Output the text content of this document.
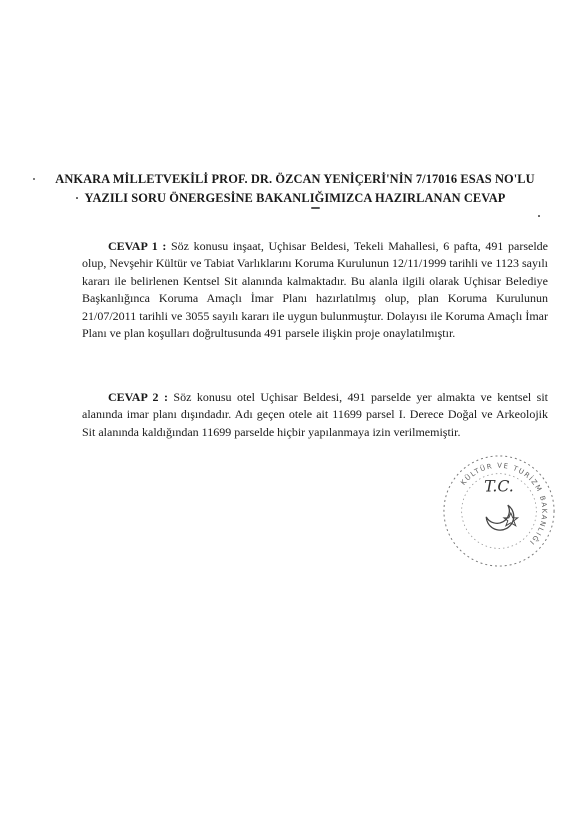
ANKARA MİLLETVEKİLİ PROF. DR. ÖZCAN YENİÇERİ'NİN 7/17016 ESAS NO'LU
YAZILI SORU ÖNERGESİNE BAKANLIĞIMIZCA HAZIRLANAN CEVAP
CEVAP 1 : Söz konusu inşaat, Uçhisar Beldesi, Tekeli Mahallesi, 6 pafta, 491 parselde olup, Nevşehir Kültür ve Tabiat Varlıklarını Koruma Kurulunun 12/11/1999 tarihli ve 1123 sayılı kararı ile belirlenen Kentsel Sit alanında kalmaktadır. Bu alanla ilgili olarak Uçhisar Belediye Başkanlığınca Koruma Amaçlı İmar Planı hazırlatılmış olup, plan Koruma Kurulunun 21/07/2011 tarihli ve 3055 sayılı kararı ile uygun bulunmuştur. Dolayısı ile Koruma Amaçlı İmar Planı ve plan koşulları doğrultusunda 491 parsele ilişkin proje onaylatılmıştır.
CEVAP 2 : Söz konusu otel Uçhisar Beldesi, 491 parselde yer almakta ve kentsel sit alanında imar planı dışındadır. Adı geçen otele ait 11699 parsel I. Derece Doğal ve Arkeolojik Sit alanında kaldığından 11699 parselde hiçbir yapılanmaya izin verilmemiştir.
KÜLTÜR VE TURİZM BAKANLIĞI
T.C.
